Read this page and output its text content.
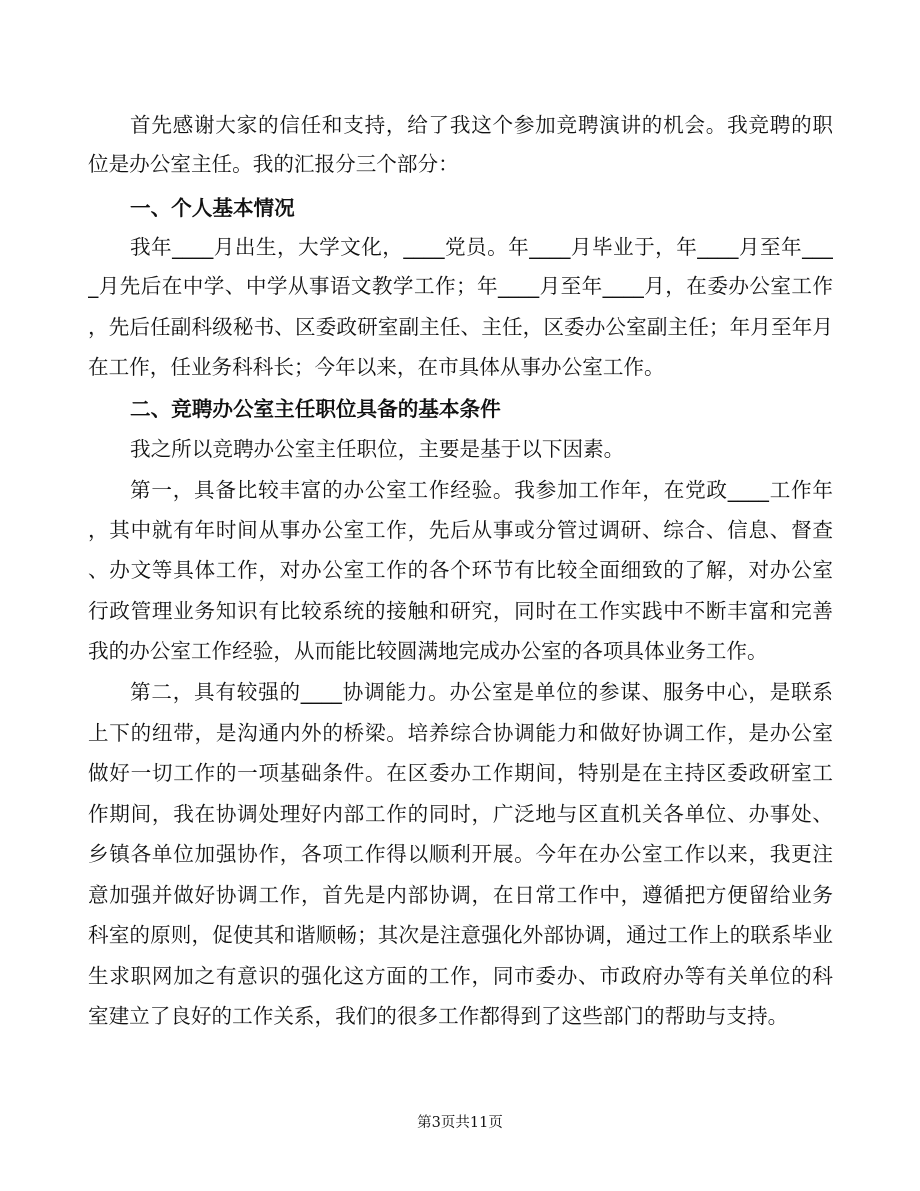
首先感谢大家的信任和支持，给了我这个参加竞聘演讲的机会。我竞聘的职
位是办公室主任。我的汇报分三个部分：
一、个人基本情况
我年____月出生，大学文化，____党员。年____月毕业于，年____月至年___
_月先后在中学、中学从事语文教学工作；年____月至年____月，在委办公室工作
，先后任副科级秘书、区委政研室副主任、主任，区委办公室副主任；年月至年月
在工作，任业务科科长；今年以来，在市具体从事办公室工作。
二、竞聘办公室主任职位具备的基本条件
我之所以竞聘办公室主任职位，主要是基于以下因素。
第一，具备比较丰富的办公室工作经验。我参加工作年，在党政____工作年
，其中就有年时间从事办公室工作，先后从事或分管过调研、综合、信息、督查
、办文等具体工作，对办公室工作的各个环节有比较全面细致的了解，对办公室
行政管理业务知识有比较系统的接触和研究，同时在工作实践中不断丰富和完善
我的办公室工作经验，从而能比较圆满地完成办公室的各项具体业务工作。
第二，具有较强的____协调能力。办公室是单位的参谋、服务中心，是联系
上下的纽带，是沟通内外的桥梁。培养综合协调能力和做好协调工作，是办公室
做好一切工作的一项基础条件。在区委办工作期间，特别是在主持区委政研室工
作期间，我在协调处理好内部工作的同时，广泛地与区直机关各单位、办事处、
乡镇各单位加强协作，各项工作得以顺利开展。今年在办公室工作以来，我更注
意加强并做好协调工作，首先是内部协调，在日常工作中，遵循把方便留给业务
科室的原则，促使其和谐顺畅；其次是注意强化外部协调，通过工作上的联系毕业
生求职网加之有意识的强化这方面的工作，同市委办、市政府办等有关单位的科
室建立了良好的工作关系，我们的很多工作都得到了这些部门的帮助与支持。
第3页共11页
